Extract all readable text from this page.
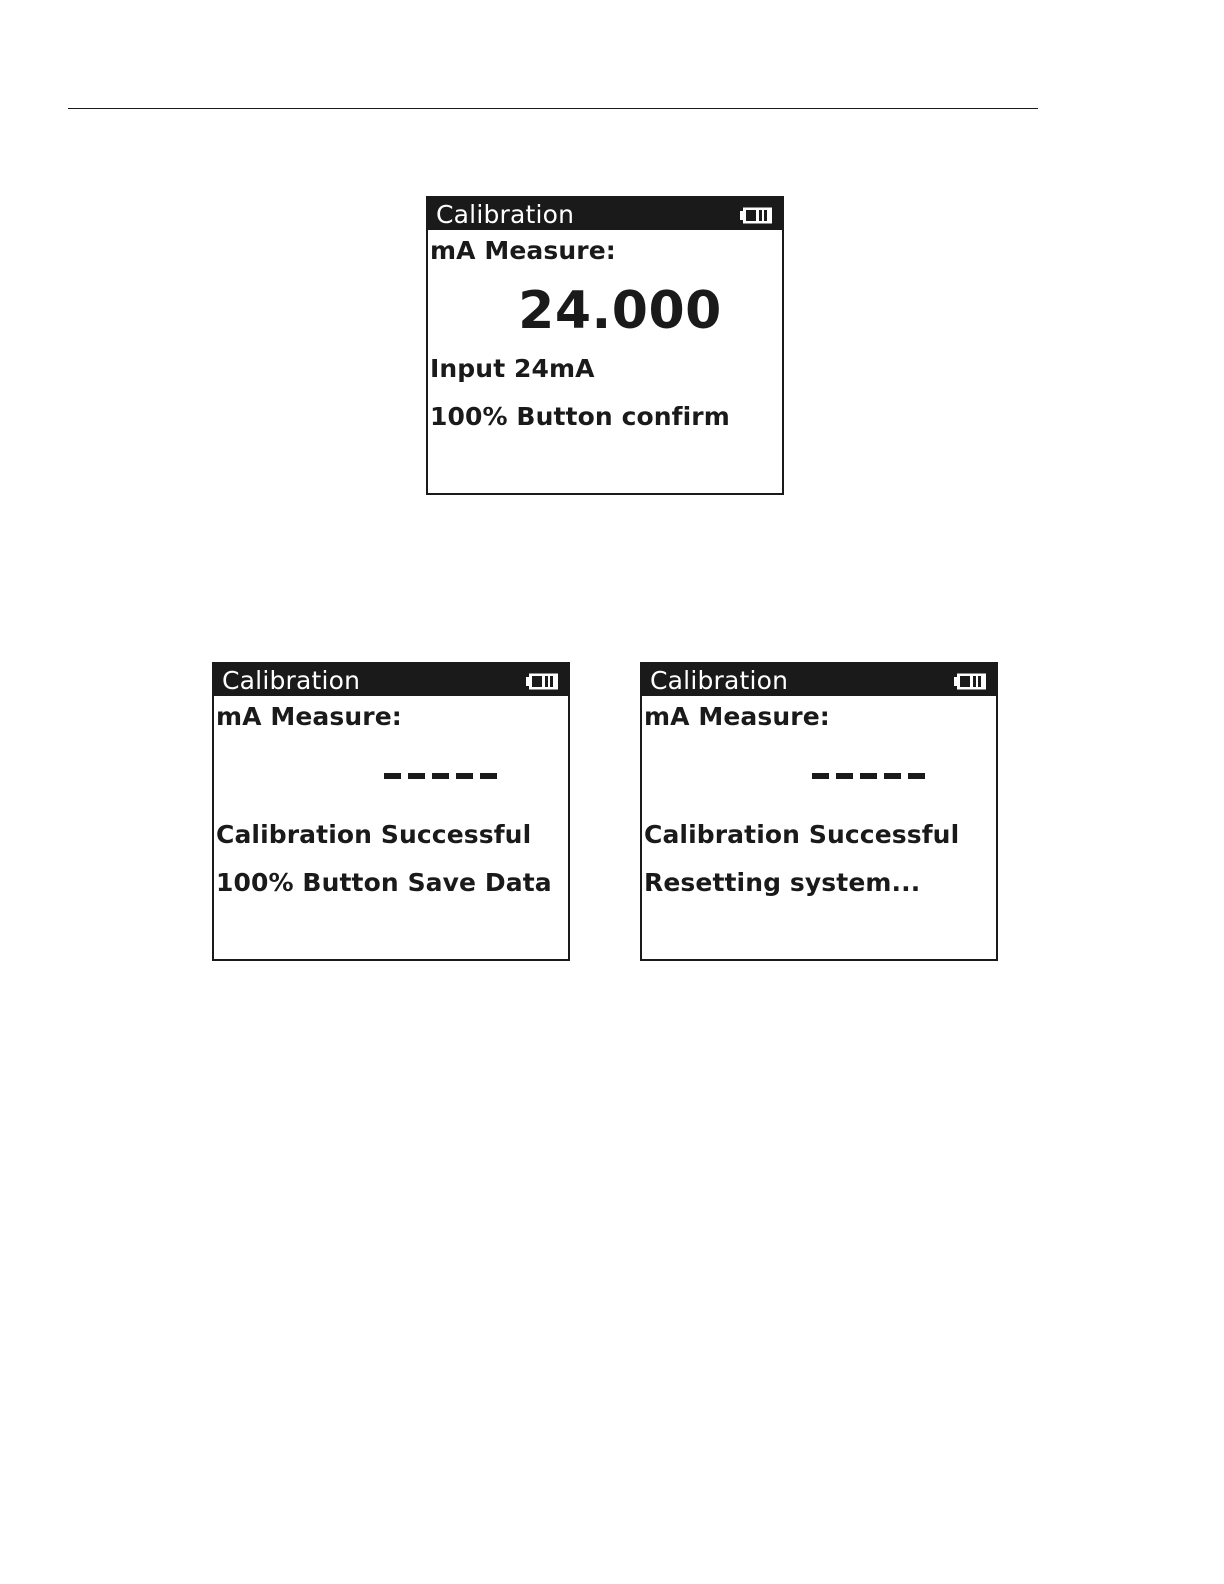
Calibration
mA Measure:
24.000
Input 24mA
100% Button confirm
Calibration
mA Measure:
Calibration Successful
100% Button Save Data
Calibration
mA Measure:
Calibration Successful
Resetting system...
